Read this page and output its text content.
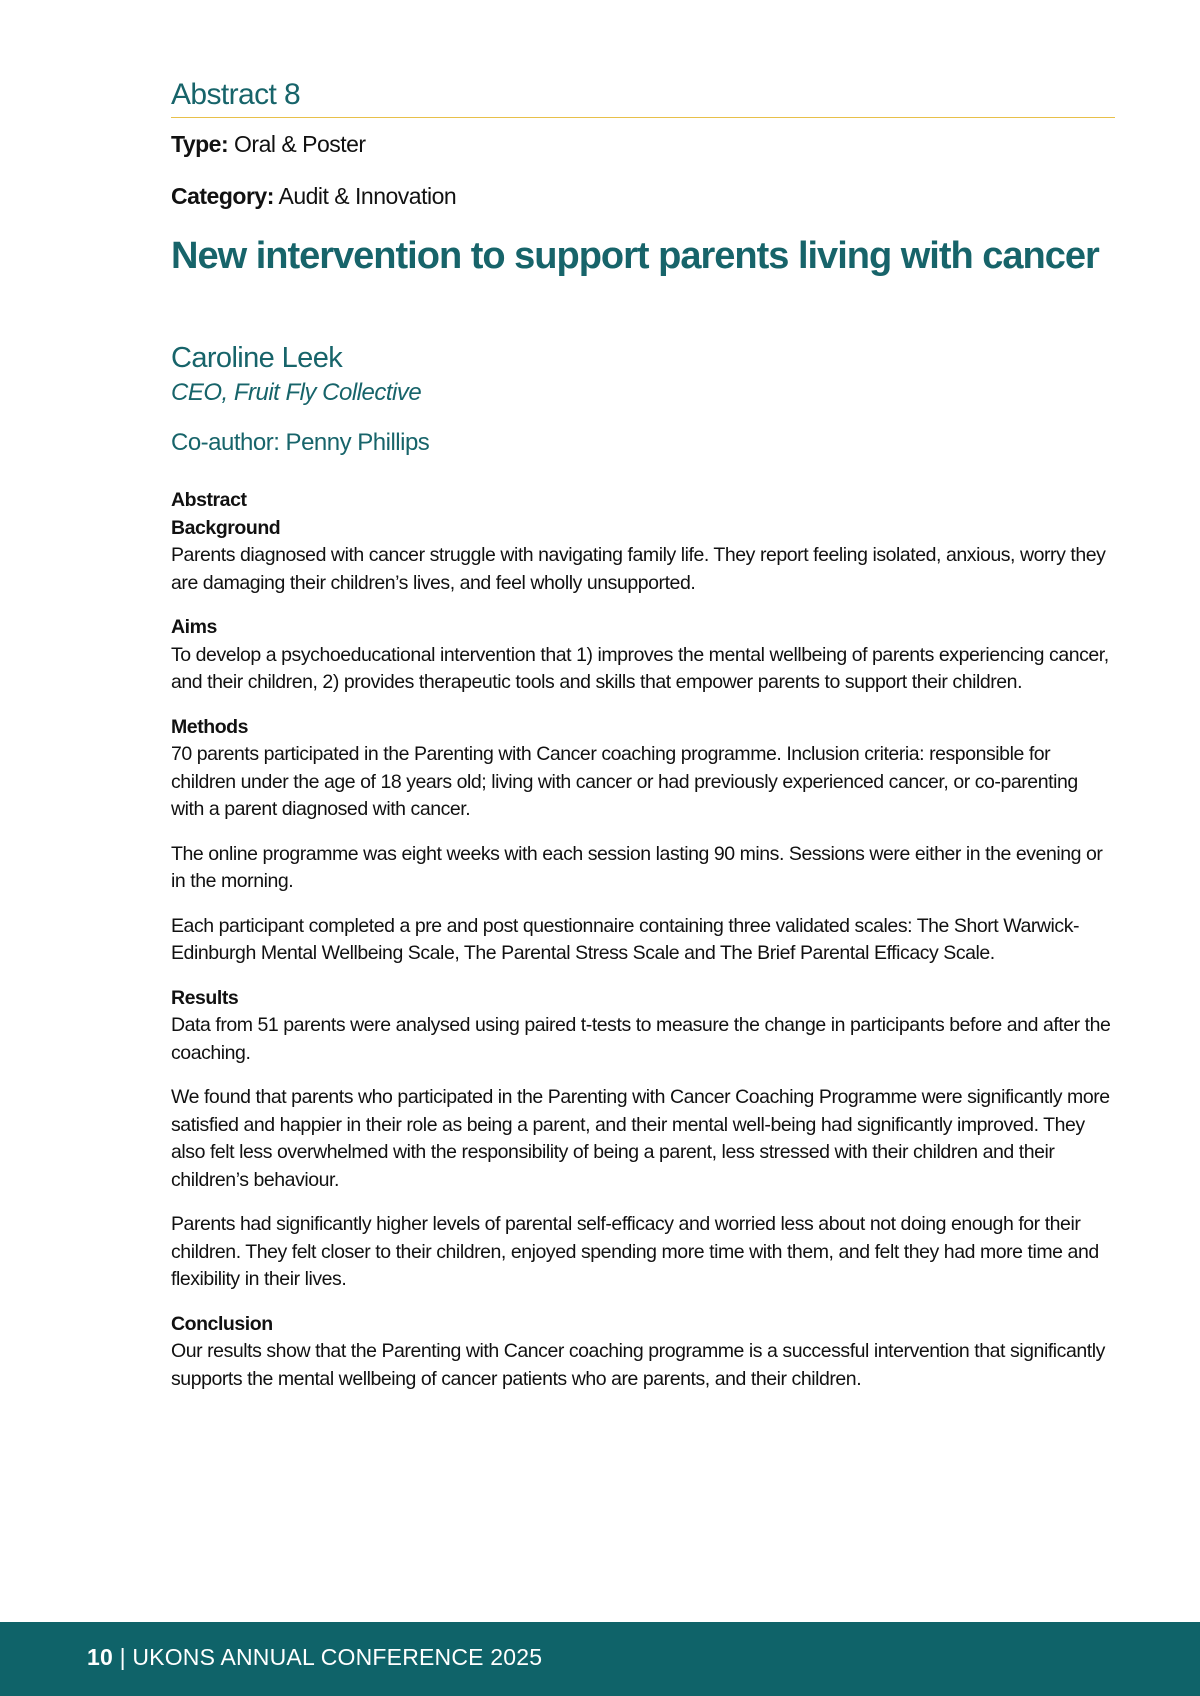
Abstract 8
Type: Oral & Poster
Category: Audit & Innovation
New intervention to support parents living with cancer
Caroline Leek
CEO, Fruit Fly Collective
Co-author: Penny Phillips
Abstract
Background

Parents diagnosed with cancer struggle with navigating family life. They report feeling isolated, anxious, worry they are damaging their children’s lives, and feel wholly unsupported.

Aims

To develop a psychoeducational intervention that 1) improves the mental wellbeing of parents experiencing cancer, and their children, 2) provides therapeutic tools and skills that empower parents to support their children.

Methods

70 parents participated in the Parenting with Cancer coaching programme. Inclusion criteria: responsible for children under the age of 18 years old; living with cancer or had previously experienced cancer, or co-parenting with a parent diagnosed with cancer.

The online programme was eight weeks with each session lasting 90 mins. Sessions were either in the evening or in the morning.

Each participant completed a pre and post questionnaire containing three validated scales: The Short Warwick-Edinburgh Mental Wellbeing Scale, The Parental Stress Scale and The Brief Parental Efficacy Scale.

Results

Data from 51 parents were analysed using paired t-tests to measure the change in participants before and after the coaching.

We found that parents who participated in the Parenting with Cancer Coaching Programme were significantly more satisfied and happier in their role as being a parent, and their mental well-being had significantly improved. They also felt less overwhelmed with the responsibility of being a parent, less stressed with their children and their children’s behaviour.

Parents had significantly higher levels of parental self-efficacy and worried less about not doing enough for their children. They felt closer to their children, enjoyed spending more time with them, and felt they had more time and flexibility in their lives.

Conclusion

Our results show that the Parenting with Cancer coaching programme is a successful intervention that significantly supports the mental wellbeing of cancer patients who are parents, and their children.

10 | UKONS ANNUAL CONFERENCE 2025
